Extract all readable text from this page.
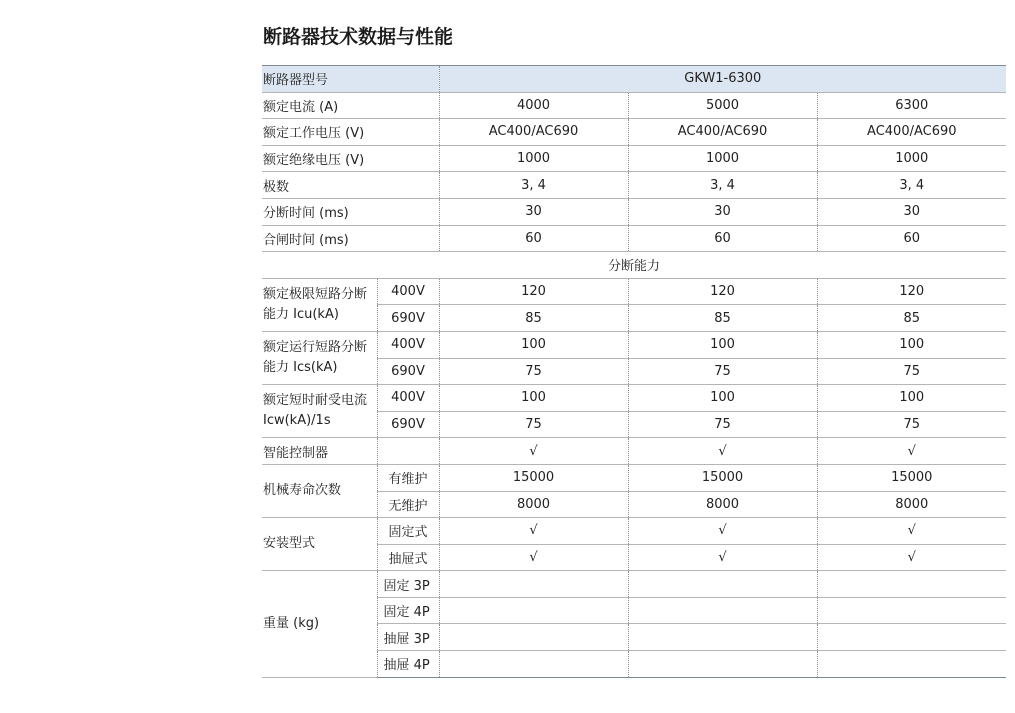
断路器技术数据与性能
断路器型号		GKW1-6300		
额定电流 (A)		4000	5000	6300
额定工作电压 (V)		AC400/AC690	AC400/AC690	AC400/AC690
额定绝缘电压 (V)		1000	1000	1000
极数		3, 4	3, 4	3, 4
分断时间 (ms)		30	30	30
合闸时间 (ms)		60	60	60
分断能力				
额定极限短路分断能力 Icu(kA)	400V	120	120	120
	690V	85	85	85
额定运行短路分断能力 Ics(kA)	400V	100	100	100
	690V	75	75	75
额定短时耐受电流 Icw(kA)/1s	400V	100	100	100
	690V	75	75	75
智能控制器		√	√	√
机械寿命次数	有维护	15000	15000	15000
	无维护	8000	8000	8000
安装型式	固定式	√	√	√
	抽屉式	√	√	√
重量 (kg)	固定 3P			
	固定 4P			
	抽屉 3P			
	抽屉 4P			
